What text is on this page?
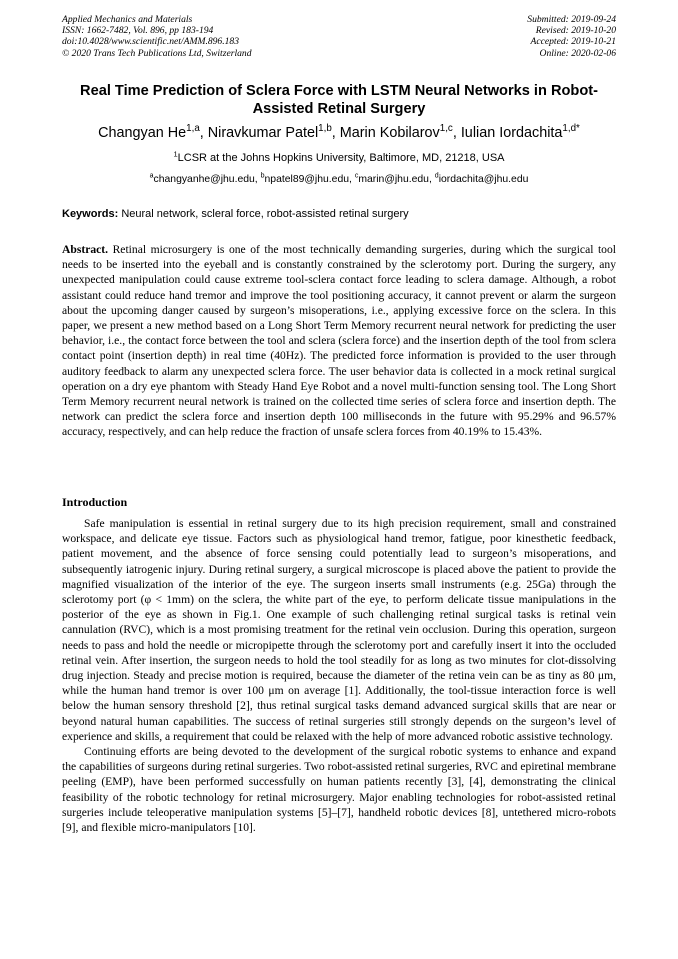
Applied Mechanics and Materials
ISSN: 1662-7482, Vol. 896, pp 183-194
doi:10.4028/www.scientific.net/AMM.896.183
© 2020 Trans Tech Publications Ltd, Switzerland
Submitted: 2019-09-24
Revised: 2019-10-20
Accepted: 2019-10-21
Online: 2020-02-06
Real Time Prediction of Sclera Force with LSTM Neural Networks in Robot-Assisted Retinal Surgery
Changyan He$^{1,a}$, Niravkumar Patel$^{1,b}$, Marin Kobilarov$^{1,c}$, Iulian Iordachita$^{1,d*}$
$^1$LCSR at the Johns Hopkins University, Baltimore, MD, 21218, USA
$^a$changyanhe@jhu.edu, $^b$npatel89@jhu.edu, $^c$marin@jhu.edu, $^d$iordachita@jhu.edu
Keywords: Neural network, scleral force, robot-assisted retinal surgery

Abstract. Retinal microsurgery is one of the most technically demanding surgeries, during which the surgical tool needs to be inserted into the eyeball and is constantly constrained by the sclerotomy port. During the surgery, any unexpected manipulation could cause extreme tool-sclera contact force leading to sclera damage. Although, a robot assistant could reduce hand tremor and improve the tool positioning accuracy, it cannot prevent or alarm the surgeon about the upcoming danger caused by surgeon’s misoperations, i.e., applying excessive force on the sclera. In this paper, we present a new method based on a Long Short Term Memory recurrent neural network for predicting the user behavior, i.e., the contact force between the tool and sclera (sclera force) and the insertion depth of the tool from sclera contact point (insertion depth) in real time (40Hz). The predicted force information is provided to the user through auditory feedback to alarm any unexpected sclera force. The user behavior data is collected in a mock retinal surgical operation on a dry eye phantom with Steady Hand Eye Robot and a novel multi-function sensing tool. The Long Short Term Memory recurrent neural network is trained on the collected time series of sclera force and insertion depth. The network can predict the sclera force and insertion depth 100 milliseconds in the future with 95.29% and 96.57% accuracy, respectively, and can help reduce the fraction of unsafe sclera forces from 40.19% to 15.43%.

Introduction

Safe manipulation is essential in retinal surgery due to its high precision requirement, small and constrained workspace, and delicate eye tissue. Factors such as physiological hand tremor, fatigue, poor kinesthetic feedback, patient movement, and the absence of force sensing could potentially lead to surgeon’s misoperations, and subsequently iatrogenic injury. During retinal surgery, a surgical microscope is placed above the patient to provide the magnified visualization of the interior of the eye. The surgeon inserts small instruments (e.g. 25Ga) through the sclerotomy port (φ < 1mm) on the sclera, the white part of the eye, to perform delicate tissue manipulations in the posterior of the eye as shown in Fig.1. One example of such challenging retinal surgical tasks is retinal vein cannulation (RVC), which is a most promising treatment for the retinal vein occlusion. During this operation, surgeon needs to pass and hold the needle or micropipette through the sclerotomy port and carefully insert it into the occluded retinal vein. After insertion, the surgeon needs to hold the tool steadily for as long as two minutes for clot-dissolving drug injection. Steady and precise motion is required, because the diameter of the retina vein can be as tiny as 80 μm, while the human hand tremor is over 100 μm on average [1]. Additionally, the tool-tissue interaction force is well below the human sensory threshold [2], thus retinal surgical tasks demand advanced surgical skills that are near or beyond natural human capabilities. The success of retinal surgeries still strongly depends on the surgeon’s level of experience and skills, a requirement that could be relaxed with the help of more advanced robotic assistive technology.

Continuing efforts are being devoted to the development of the surgical robotic systems to enhance and expand the capabilities of surgeons during retinal surgeries. Two robot-assisted retinal surgeries, RVC and epiretinal membrane peeling (EMP), have been performed successfully on human patients recently [3], [4], demonstrating the clinical feasibility of the robotic technology for retinal microsurgery. Major enabling technologies for robot-assisted retinal surgeries include teleoperative manipulation systems [5]–[7], handheld robotic devices [8], untethered micro-robots [9], and flexible micro-manipulators [10].
